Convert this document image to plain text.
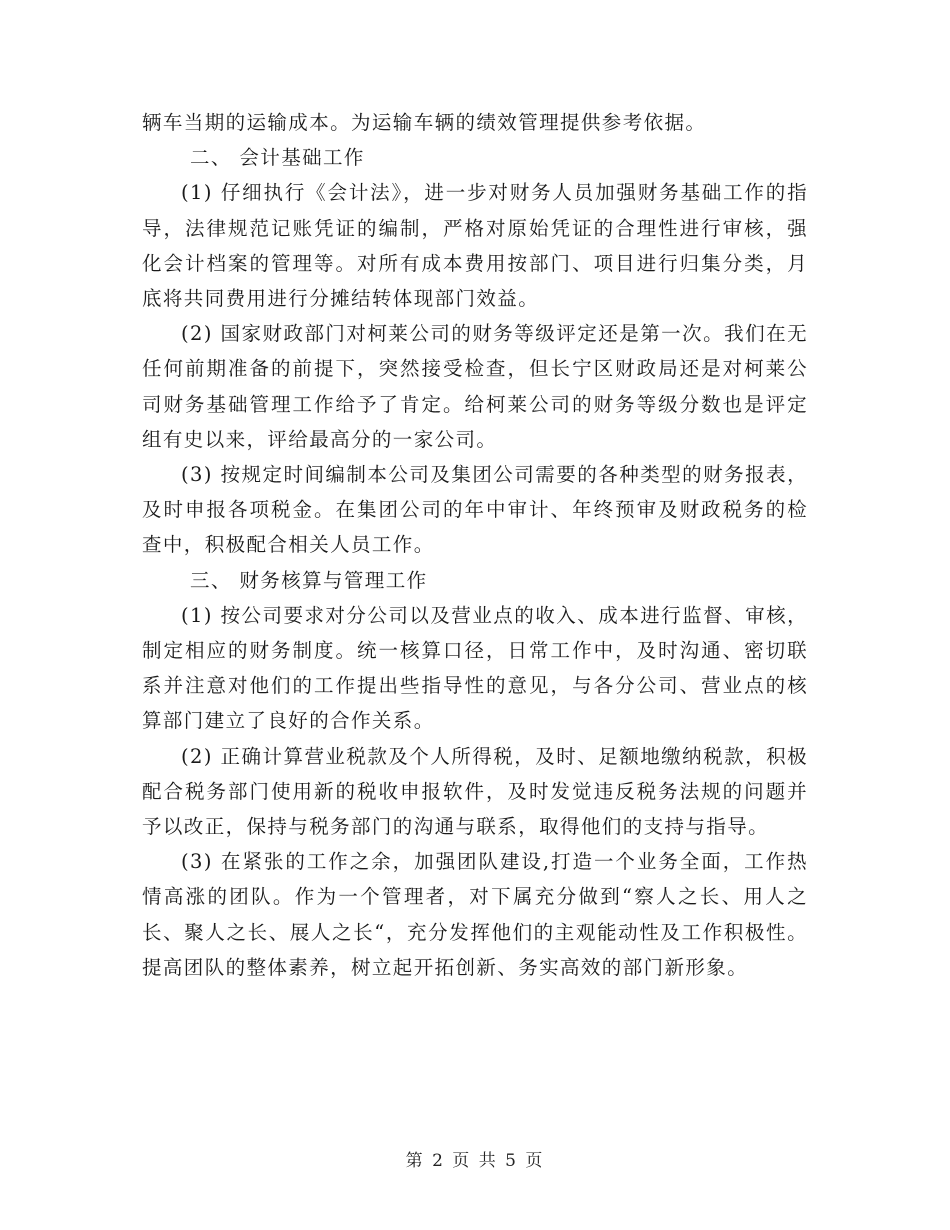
辆车当期的运输成本。为运输车辆的绩效管理提供参考依据。

二、 会计基础工作

(1) 仔细执行《会计法》，进一步对财务人员加强财务基础工作的指导，法律规范记账凭证的编制，严格对原始凭证的合理性进行审核，强化会计档案的管理等。对所有成本费用按部门、项目进行归集分类，月底将共同费用进行分摊结转体现部门效益。

(2) 国家财政部门对柯莱公司的财务等级评定还是第一次。我们在无任何前期准备的前提下，突然接受检查，但长宁区财政局还是对柯莱公司财务基础管理工作给予了肯定。给柯莱公司的财务等级分数也是评定组有史以来，评给最高分的一家公司。

(3) 按规定时间编制本公司及集团公司需要的各种类型的财务报表，及时申报各项税金。在集团公司的年中审计、年终预审及财政税务的检查中，积极配合相关人员工作。

三、 财务核算与管理工作

(1) 按公司要求对分公司以及营业点的收入、成本进行监督、审核，制定相应的财务制度。统一核算口径，日常工作中，及时沟通、密切联系并注意对他们的工作提出些指导性的意见，与各分公司、营业点的核算部门建立了良好的合作关系。

(2) 正确计算营业税款及个人所得税，及时、足额地缴纳税款，积极配合税务部门使用新的税收申报软件，及时发觉违反税务法规的问题并予以改正，保持与税务部门的沟通与联系，取得他们的支持与指导。

(3) 在紧张的工作之余，加强团队建设,打造一个业务全面，工作热情高涨的团队。作为一个管理者，对下属充分做到“察人之长、用人之长、聚人之长、展人之长“，充分发挥他们的主观能动性及工作积极性。提高团队的整体素养，树立起开拓创新、务实高效的部门新形象。

第 2 页 共 5 页
